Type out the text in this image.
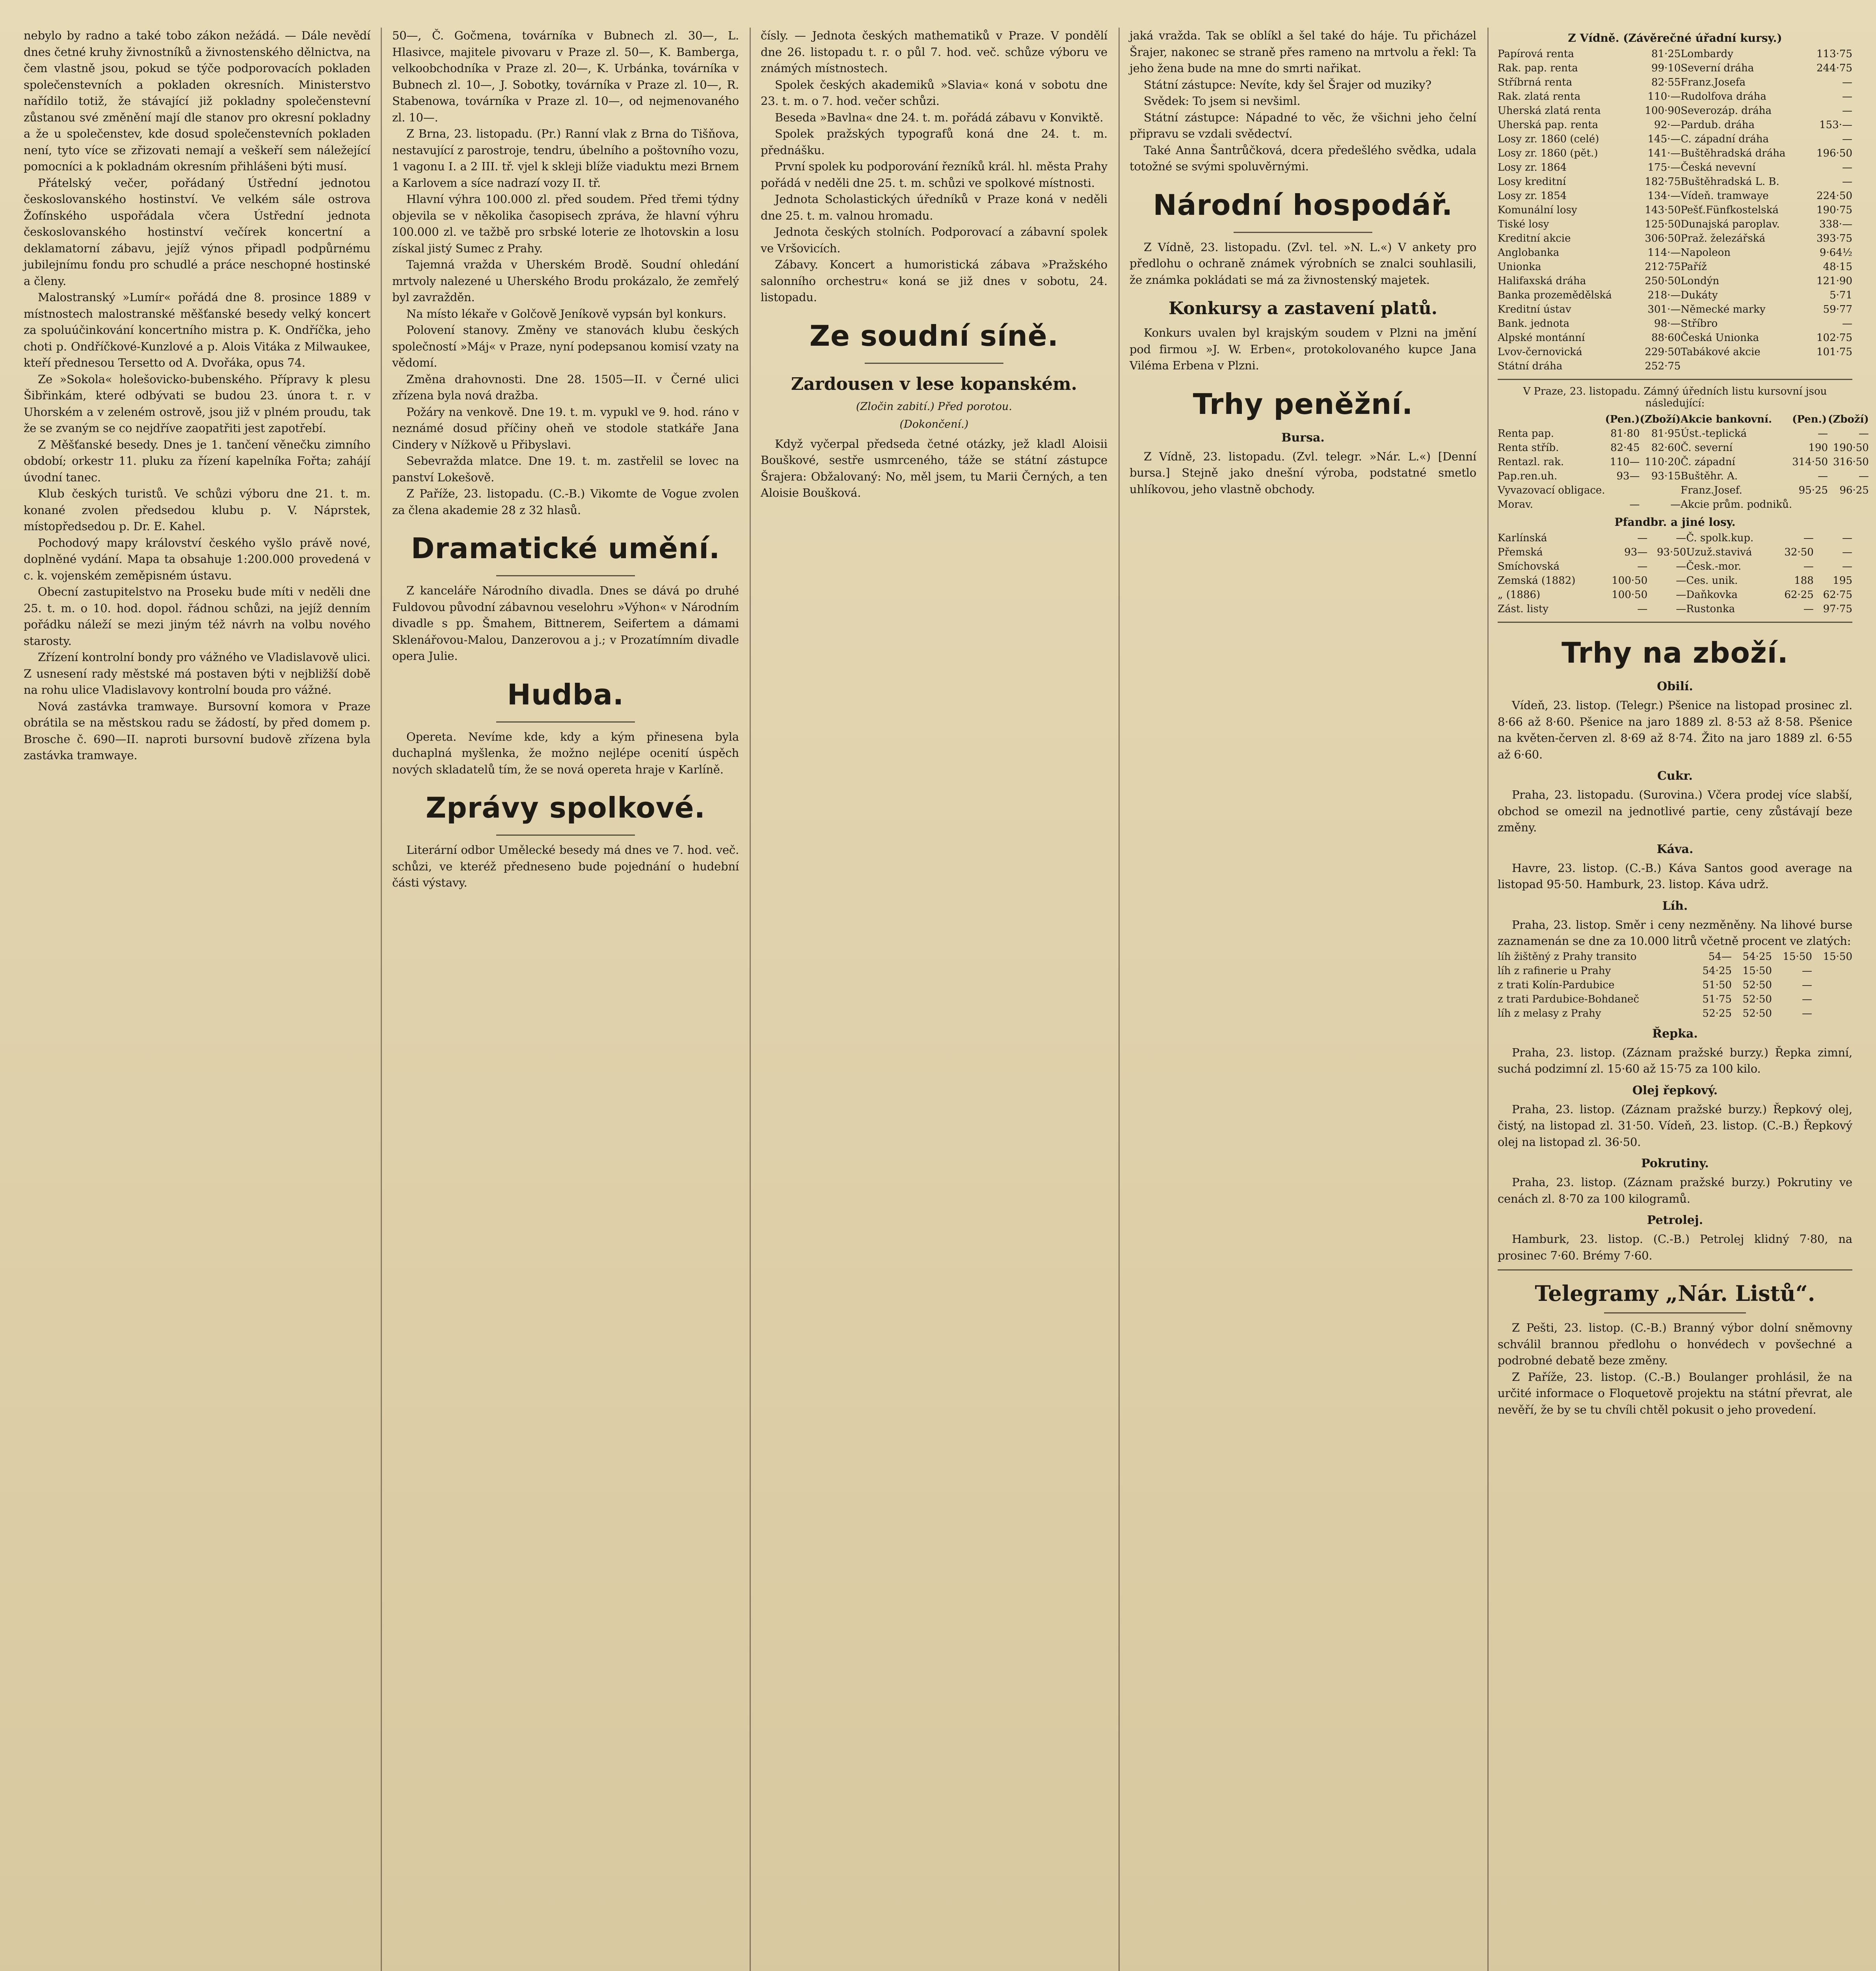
nebylo by radno a také tobo zákon nežádá. — Dále nevědí dnes četné kruhy živnostníků a živnostenského dělnictva, na čem vlastně jsou, pokud se týče podporovacích pokladen společenstevních a pokladen okresních. Ministerstvo nařídilo totiž, že stávající již pokladny společenstevní zůstanou své změnění mají dle stanov pro okresní pokladny a že u společenstev, kde dosud společenstevních pokladen není, tyto více se zřizovati nemají a veškeří sem náležející pomocníci a k pokladnám okresním přihlášeni býti musí.

Přátelský večer, pořádaný Ústřední jednotou českoslovanského hostinství. Ve velkém sále ostrova Žofínského uspořádala včera Ústřední jednota českoslovanského hostinství večírek koncertní a deklamatorní zábavu, jejíž výnos připadl podpůrnému jubilejnímu fondu pro schudlé a práce neschopné hostinské a členy.

Malostranský »Lumír« pořádá dne 8. prosince 1889 v místnostech malostranské měšťanské besedy velký koncert za spoluúčinkování koncertního mistra p. K. Ondříčka, jeho choti p. Ondříčkové-Kunzlové a p. Alois Vitáka z Milwaukee, kteří přednesou Tersetto od A. Dvořáka, opus 74.

Ze »Sokola« holešovicko-bubenského. Přípravy k plesu Šibřinkám, které odbývati se budou 23. února t. r. v Uhorském a v zeleném ostrově, jsou již v plném proudu, tak že se zvaným se co nejdříve zaopatřiti jest zapotřebí.

Z Měšťanské besedy. Dnes je 1. tančení věnečku zimního období; orkestr 11. pluku za řízení kapelníka Fořta; zahájí úvodní tanec.

Klub českých turistů. Ve schůzi výboru dne 21. t. m. konané zvolen předsedou klubu p. V. Náprstek, místopředsedou p. Dr. E. Kahel.

Pochodový mapy království českého vyšlo právě nové, doplněné vydání. Mapa ta obsahuje 1:200.000 provedená v c. k. vojenském zeměpisném ústavu.

Obecní zastupitelstvo na Proseku bude míti v neděli dne 25. t. m. o 10. hod. dopol. řádnou schůzi, na jejíž denním pořádku náleží se mezi jiným též návrh na volbu nového starosty.

Zřízení kontrolní bondy pro vážného ve Vladislavově ulici. Z usnesení rady městské má postaven býti v nejbližší době na rohu ulice Vladislavovy kontrolní bouda pro vážné.

Nová zastávka tramwaye. Bursovní komora v Praze obrátila se na městskou radu se žádostí, by před domem p. Brosche č. 690—II. naproti bursovní budově zřízena byla zastávka tramwaye.

50—, Č. Gočmena, továrníka v Bubnech zl. 30—, L. Hlasivce, majitele pivovaru v Praze zl. 50—, K. Bamberga, velkoobchodníka v Praze zl. 20—, K. Urbánka, továrníka v Bubnech zl. 10—, J. Sobotky, továrníka v Praze zl. 10—, R. Stabenowa, továrníka v Praze zl. 10—, od nejmenovaného zl. 10—.

Z Brna, 23. listopadu. (Pr.) Ranní vlak z Brna do Tišňova, nestavující z parostroje, tendru, úbelního a poštovního vozu, 1 vagonu I. a 2 III. tř. vjel k skleji blíže viaduktu mezi Brnem a Karlovem a síce nadrazí vozy II. tř.

Hlavní výhra 100.000 zl. před soudem. Před třemi týdny objevila se v několika časopisech zpráva, že hlavní výhru 100.000 zl. ve tažbě pro srbské loterie ze lhotovskin a losu získal jistý Sumec z Prahy.

Tajemná vražda v Uherském Brodě. Soudní ohledání mrtvoly nalezené u Uherského Brodu prokázalo, že zemřelý byl zavražděn.

Na místo lékaře v Golčově Jeníkově vypsán byl konkurs.

Polovení stanovy. Změny ve stanovách klubu českých společností »Máj« v Praze, nyní podepsanou komisí vzaty na vědomí.

Změna drahovnosti. Dne 28. 1505—II. v Černé ulici zřízena byla nová dražba.

Požáry na venkově. Dne 19. t. m. vypukl ve 9. hod. ráno v neznámé dosud příčiny oheň ve stodole statkáře Jana Cindery v Nížkově u Přibyslavi.

Sebevražda mlatce. Dne 19. t. m. zastřelil se lovec na panství Lokešově.

Z Paříže, 23. listopadu. (C.-B.) Vikomte de Vogue zvolen za člena akademie 28 z 32 hlasů.

Dramatické umění.

Z kanceláře Národního divadla. Dnes se dává po druhé Fuldovou původní zábavnou veselohru »Výhon« v Národním divadle s pp. Šmahem, Bittnerem, Seifertem a dámami Sklenářovou-Malou, Danzerovou a j.; v Prozatímním divadle opera Julie.

Hudba.

Opereta. Nevíme kde, kdy a kým přinesena byla duchaplná myšlenka, že možno nejlépe ocenití úspěch nových skladatelů tím, že se nová opereta hraje v Karlíně.

Zprávy spolkové.

Literární odbor Umělecké besedy má dnes ve 7. hod. več. schůzi, ve kteréž předneseno bude pojednání o hudební části výstavy.

čísly. — Jednota českých mathematiků v Praze. V pondělí dne 26. listopadu t. r. o půl 7. hod. več. schůze výboru ve známých místnostech.

Spolek českých akademiků »Slavia« koná v sobotu dne 23. t. m. o 7. hod. večer schůzi.

Beseda »Bavlna« dne 24. t. m. pořádá zábavu v Konviktě.

Spolek pražských typografů koná dne 24. t. m. přednášku.

První spolek ku podporování řezníků král. hl. města Prahy pořádá v neděli dne 25. t. m. schůzi ve spolkové místnosti.

Jednota Scholastických úředníků v Praze koná v neděli dne 25. t. m. valnou hromadu.

Jednota českých stolních. Podporovací a zábavní spolek ve Vršovicích.

Zábavy. Koncert a humoristická zábava »Pražského salonního orchestru« koná se již dnes v sobotu, 24. listopadu.

Ze soudní síně.
Zardousen v lese kopanském.
(Zločin zabití.) Před porotou.
(Dokončení.)

Když vyčerpal předseda četné otázky, jež kladl Aloisii Bouškové, sestře usmrceného, táže se státní zástupce Šrajera: Obžalovaný: No, měl jsem, tu Marii Černých, a ten Aloisie Boušková.

jaká vražda. Tak se oblíkl a šel také do háje. Tu přicházel Šrajer, nakonec se straně přes rameno na mrtvolu a řekl: Ta jeho žena bude na mne do smrti nařikat.

Státní zástupce: Nevíte, kdy šel Šrajer od muziky?

Svědek: To jsem si nevšiml.

Státní zástupce: Nápadné to věc, že všichni jeho čelní připravu se vzdali svědectví.

Také Anna Šantrůčková, dcera předešlého svědka, udala totožné se svými spoluvěrnými.

Národní hospodář.

Z Vídně, 23. listopadu. (Zvl. tel. »N. L.«) V ankety pro předlohu o ochraně známek výrobních se znalci souhlasili, že známka pokládati se má za živnostenský majetek.

Konkursy a zastavení platů.

Konkurs uvalen byl krajským soudem v Plzni na jmění pod firmou »J. W. Erben«, protokolovaného kupce Jana Viléma Erbena v Plzni.

Trhy peněžní.
Bursa.

Z Vídně, 23. listopadu. (Zvl. telegr. »Nár. L.«) [Denní bursa.] Stejně jako dnešní výroba, podstatné smetlo uhlíkovou, jeho vlastně obchody.

Z Vídně. (Závěrečné úřadní kursy.)
Papírová renta	81·25	Lombardy	113·75
Rak. pap. renta	99·10	Severní dráha	244·75
Stříbrná renta	82·55	Franz.Josefa	—
Rak. zlatá renta	110·—	Rudolfova dráha	—
Uherská zlatá renta	100·90	Severozáp. dráha	—
Uherská pap. renta	92·—	Pardub. dráha	153·—
Losy zr. 1860 (celé)	145·—	C. západní dráha	—
Losy zr. 1860 (pět.)	141·—	Buštěhradská dráha	196·50
Losy zr. 1864	175·—	Česká nevevní	—
Losy kreditní	182·75	Buštěhradská L. B.	—
Losy zr. 1854	134·—	Vídeň. tramwaye	224·50
Komunální losy	143·50	Pešť.Fünfkostelská	190·75
Tiské losy	125·50	Dunajská paroplav.	338·—
Kreditní akcie	306·50	Praž. železářská	393·75
Anglobanka	114·—	Napoleon	9·64½
Unionka	212·75	Paříž	48·15
Halifaxská dráha	250·50	Londýn	121·90
Banka prozemědělská	218·—	Dukáty	5·71
Kreditní ústav	301·—	Německé marky	59·77
Bank. jednota	98·—	Stříbro	—
Alpské montánní	88·60	Česká Unionka	102·75
Lvov-černovická	229·50	Tabákové akcie	101·75
Státní dráha	252·75		
V Praze, 23. listopadu. Zámný úředních listu kursovní jsou následující:
	(Pen.)	(Zboží)	Akcie bankovní.	(Pen.)	(Zboží)
Renta pap.	81·80	81·95	Úst.-teplická	—	—
Renta stříb.	82·45	82·60	Č. severní	190	190·50
Rentazl. rak.	110—	110·20	Č. západní	314·50	316·50
Pap.ren.uh.	93—	93·15	Buštěhr. A.	—	—
Vyvazovací obligace.			Franz.Josef.	95·25	96·25
Morav.	—	—	Akcie prům. podniků.		
Pfandbr. a jiné losy.
Karlínská	—	—	Č. spolk.kup.	—	—
Přemská	93—	93·50	Uzuž.stavivá	32·50	—
Smíchovská	—	—	Česk.-mor.	—	—
Zemská (1882)	100·50	—	Ces. unik.	188	195
„ (1886)	100·50	—	Daňkovka	62·25	62·75
Zást. listy	—	—	Rustonka	—	97·75
Trhy na zboží.
Obilí.

Vídeň, 23. listop. (Telegr.) Pšenice na listopad prosinec zl. 8·66 až 8·60. Pšenice na jaro 1889 zl. 8·53 až 8·58. Pšenice na květen-červen zl. 8·69 až 8·74. Žito na jaro 1889 zl. 6·55 až 6·60.

Cukr.

Praha, 23. listopadu. (Surovina.) Včera prodej více slabší, obchod se omezil na jednotlivé partie, ceny zůstávají beze změny.

Káva.

Havre, 23. listop. (C.-B.) Káva Santos good average na listopad 95·50. Hamburk, 23. listop. Káva udrž.

Líh.

Praha, 23. listop. Směr i ceny nezměněny. Na lihové burse zaznamenán se dne za 10.000 litrů včetně procent ve zlatých:

líh žištěný z Prahy transito	54—	54·25	15·50	15·50
líh z rafinerie u Prahy	54·25	15·50	—	
z trati Kolín-Pardubice	51·50	52·50	—	
z trati Pardubice-Bohdaneč	51·75	52·50	—	
líh z melasy z Prahy	52·25	52·50	—	
Řepka.

Praha, 23. listop. (Záznam pražské burzy.) Řepka zimní, suchá podzimní zl. 15·60 až 15·75 za 100 kilo.

Olej řepkový.

Praha, 23. listop. (Záznam pražské burzy.) Řepkový olej, čistý, na listopad zl. 31·50. Vídeň, 23. listop. (C.-B.) Řepkový olej na listopad zl. 36·50.

Pokrutiny.

Praha, 23. listop. (Záznam pražské burzy.) Pokrutiny ve cenách zl. 8·70 za 100 kilogramů.

Petrolej.

Hamburk, 23. listop. (C.-B.) Petrolej klidný 7·80, na prosinec 7·60. Brémy 7·60.

Telegramy „Nár. Listů“.

Z Pešti, 23. listop. (C.-B.) Branný výbor dolní sněmovny schválil brannou předlohu o honvédech v povšechné a podrobné debatě beze změny.

Z Paříže, 23. listop. (C.-B.) Boulanger prohlásil, že na určité informace o Floquetově projektu na státní převrat, ale nevěří, že by se tu chvíli chtěl pokusit o jeho provedení.
